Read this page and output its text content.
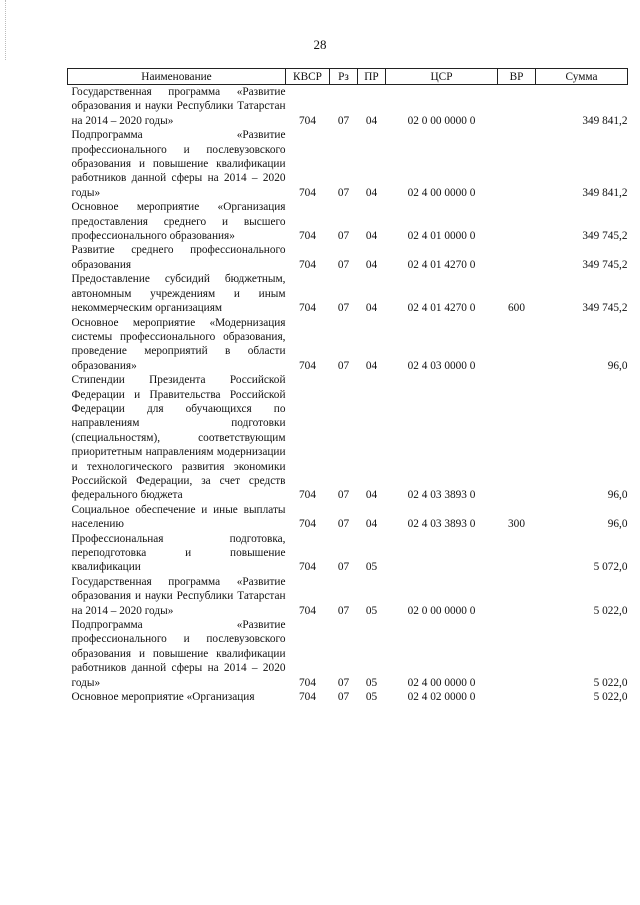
28
Наименование	КВСР	Рз	ПР	ЦСР	ВР	Сумма
Государственная программа «Развитие образования и науки Республики Татарстан на 2014 – 2020 годы»	704	07	04	02 0 00 0000 0		349 841,2
Подпрограмма «Развитие профессионального и послевузовского образования и повышение квалификации работников данной сферы на 2014 – 2020 годы»	704	07	04	02 4 00 0000 0		349 841,2
Основное мероприятие «Организация предоставления среднего и высшего профессионального образования»	704	07	04	02 4 01 0000 0		349 745,2
Развитие среднего профессионального образования	704	07	04	02 4 01 4270 0		349 745,2
Предоставление субсидий бюджетным, автономным учреждениям и иным некоммерческим организациям	704	07	04	02 4 01 4270 0	600	349 745,2
Основное мероприятие «Модернизация системы профессионального образования, проведение мероприятий в области образования»	704	07	04	02 4 03 0000 0		96,0
Стипендии Президента Российской Федерации и Правительства Российской Федерации для обучающихся по направлениям подготовки (специальностям), соответствующим приоритетным направлениям модернизации и технологического развития экономики Российской Федерации, за счет средств федерального бюджета	704	07	04	02 4 03 3893 0		96,0
Социальное обеспечение и иные выплаты населению	704	07	04	02 4 03 3893 0	300	96,0
Профессиональная подготовка, переподготовка и повышение квалификации	704	07	05			5 072,0
Государственная программа «Развитие образования и науки Республики Татарстан на 2014 – 2020 годы»	704	07	05	02 0 00 0000 0		5 022,0
Подпрограмма «Развитие профессионального и послевузовского образования и повышение квалификации работников данной сферы на 2014 – 2020 годы»	704	07	05	02 4 00 0000 0		5 022,0
Основное мероприятие «Организация	704	07	05	02 4 02 0000 0		5 022,0
